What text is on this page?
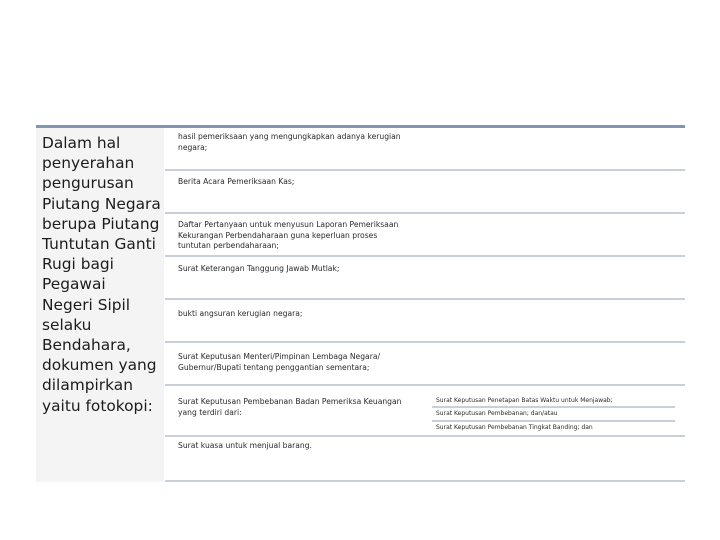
Dalam hal
penyerahan
pengurusan
Piutang Negara
berupa Piutang
Tuntutan Ganti
Rugi bagi
Pegawai
Negeri Sipil
selaku
Bendahara,
dokumen yang
dilampirkan
yaitu fotokopi:
hasil pemeriksaan yang mengungkapkan adanya kerugian
negara;
Berita Acara Pemeriksaan Kas;
Daftar Pertanyaan untuk menyusun Laporan Pemeriksaan
Kekurangan Perbendaharaan guna keperluan proses
tuntutan perbendaharaan;
Surat Keterangan Tanggung Jawab Mutlak;
bukti angsuran kerugian negara;
Surat Keputusan Menteri/Pimpinan Lembaga Negara/
Gubernur/Bupati tentang penggantian sementara;
Surat Keputusan Pembebanan Badan Pemeriksa Keuangan
yang terdiri dari:
Surat kuasa untuk menjual barang.
Surat Keputusan Penetapan Batas Waktu untuk Menjawab;
Surat Keputusan Pembebanan; dan/atau
Surat Keputusan Pembebanan Tingkat Banding; dan
